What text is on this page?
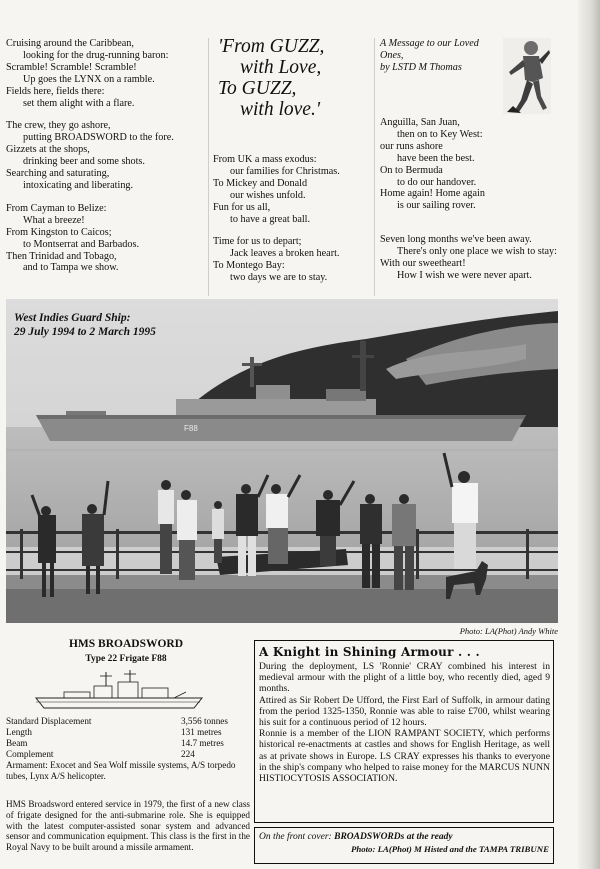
Cruising around the Caribbean,
looking for the drug-running baron:
Scramble! Scramble! Scramble!
Up goes the LYNX on a ramble.
Fields here, fields there:
set them alight with a flare.
The crew, they go ashore,
putting BROADSWORD to the fore.
Gizzets at the shops,
drinking beer and some shots.
Searching and saturating,
intoxicating and liberating.
From Cayman to Belize:
What a breeze!
From Kingston to Caicos;
to Montserrat and Barbados.
Then Trinidad and Tobago,
and to Tampa we show.
'From GUZZ,
with Love,
To GUZZ,
with love.'
From UK a mass exodus:
our families for Christmas.
To Mickey and Donald
our wishes unfold.
Fun for us all,
to have a great ball.
Time for us to depart;
Jack leaves a broken heart.
To Montego Bay:
two days we are to stay.
A Message to our Loved
Ones,
by LSTD M Thomas
Anguilla, San Juan,
then on to Key West:
our runs ashore
have been the best.
On to Bermuda
to do our handover.
Home again! Home again
is our sailing rover.
Seven long months we've been away.
There's only one place we wish to stay:
With our sweetheart!
How I wish we were never apart.
F88
West Indies Guard Ship:
29 July 1994 to 2 March 1995
Photo: LA(Phot) Andy White
HMS BROADSWORD
Type 22 Frigate F88
Standard Displacement	3,556 tonnes
Length	131 metres
Beam	14.7 metres
Complement	224
Armament: Exocet and Sea Wolf missile systems, A/S torpedo tubes, Lynx A/S helicopter.
HMS Broadsword entered service in 1979, the first of a new class of frigate designed for the anti-submarine role. She is equipped with the latest computer-assisted sonar system and advanced sensor and communication equipment. This class is the first in the Royal Navy to be built around a missile armament.
A Knight in Shining Armour . . .

During the deployment, LS 'Ronnie' CRAY combined his interest in medieval armour with the plight of a little boy, who recently died, aged 9 months.

Attired as Sir Robert De Ufford, the First Earl of Suffolk, in armour dating from the period 1325-1350, Ronnie was able to raise £700, whilst wearing his suit for a continuous period of 12 hours.

Ronnie is a member of the LION RAMPANT SOCIETY, which performs historical re-enactments at castles and shows for English Heritage, as well as at private shows in Europe. LS CRAY expresses his thanks to everyone in the ship's company who helped to raise money for the MARCUS NUNN HISTIOCYTOSIS ASSOCIATION.

On the front cover: BROADSWORDs at the ready
Photo: LA(Phot) M Histed and the TAMPA TRIBUNE
